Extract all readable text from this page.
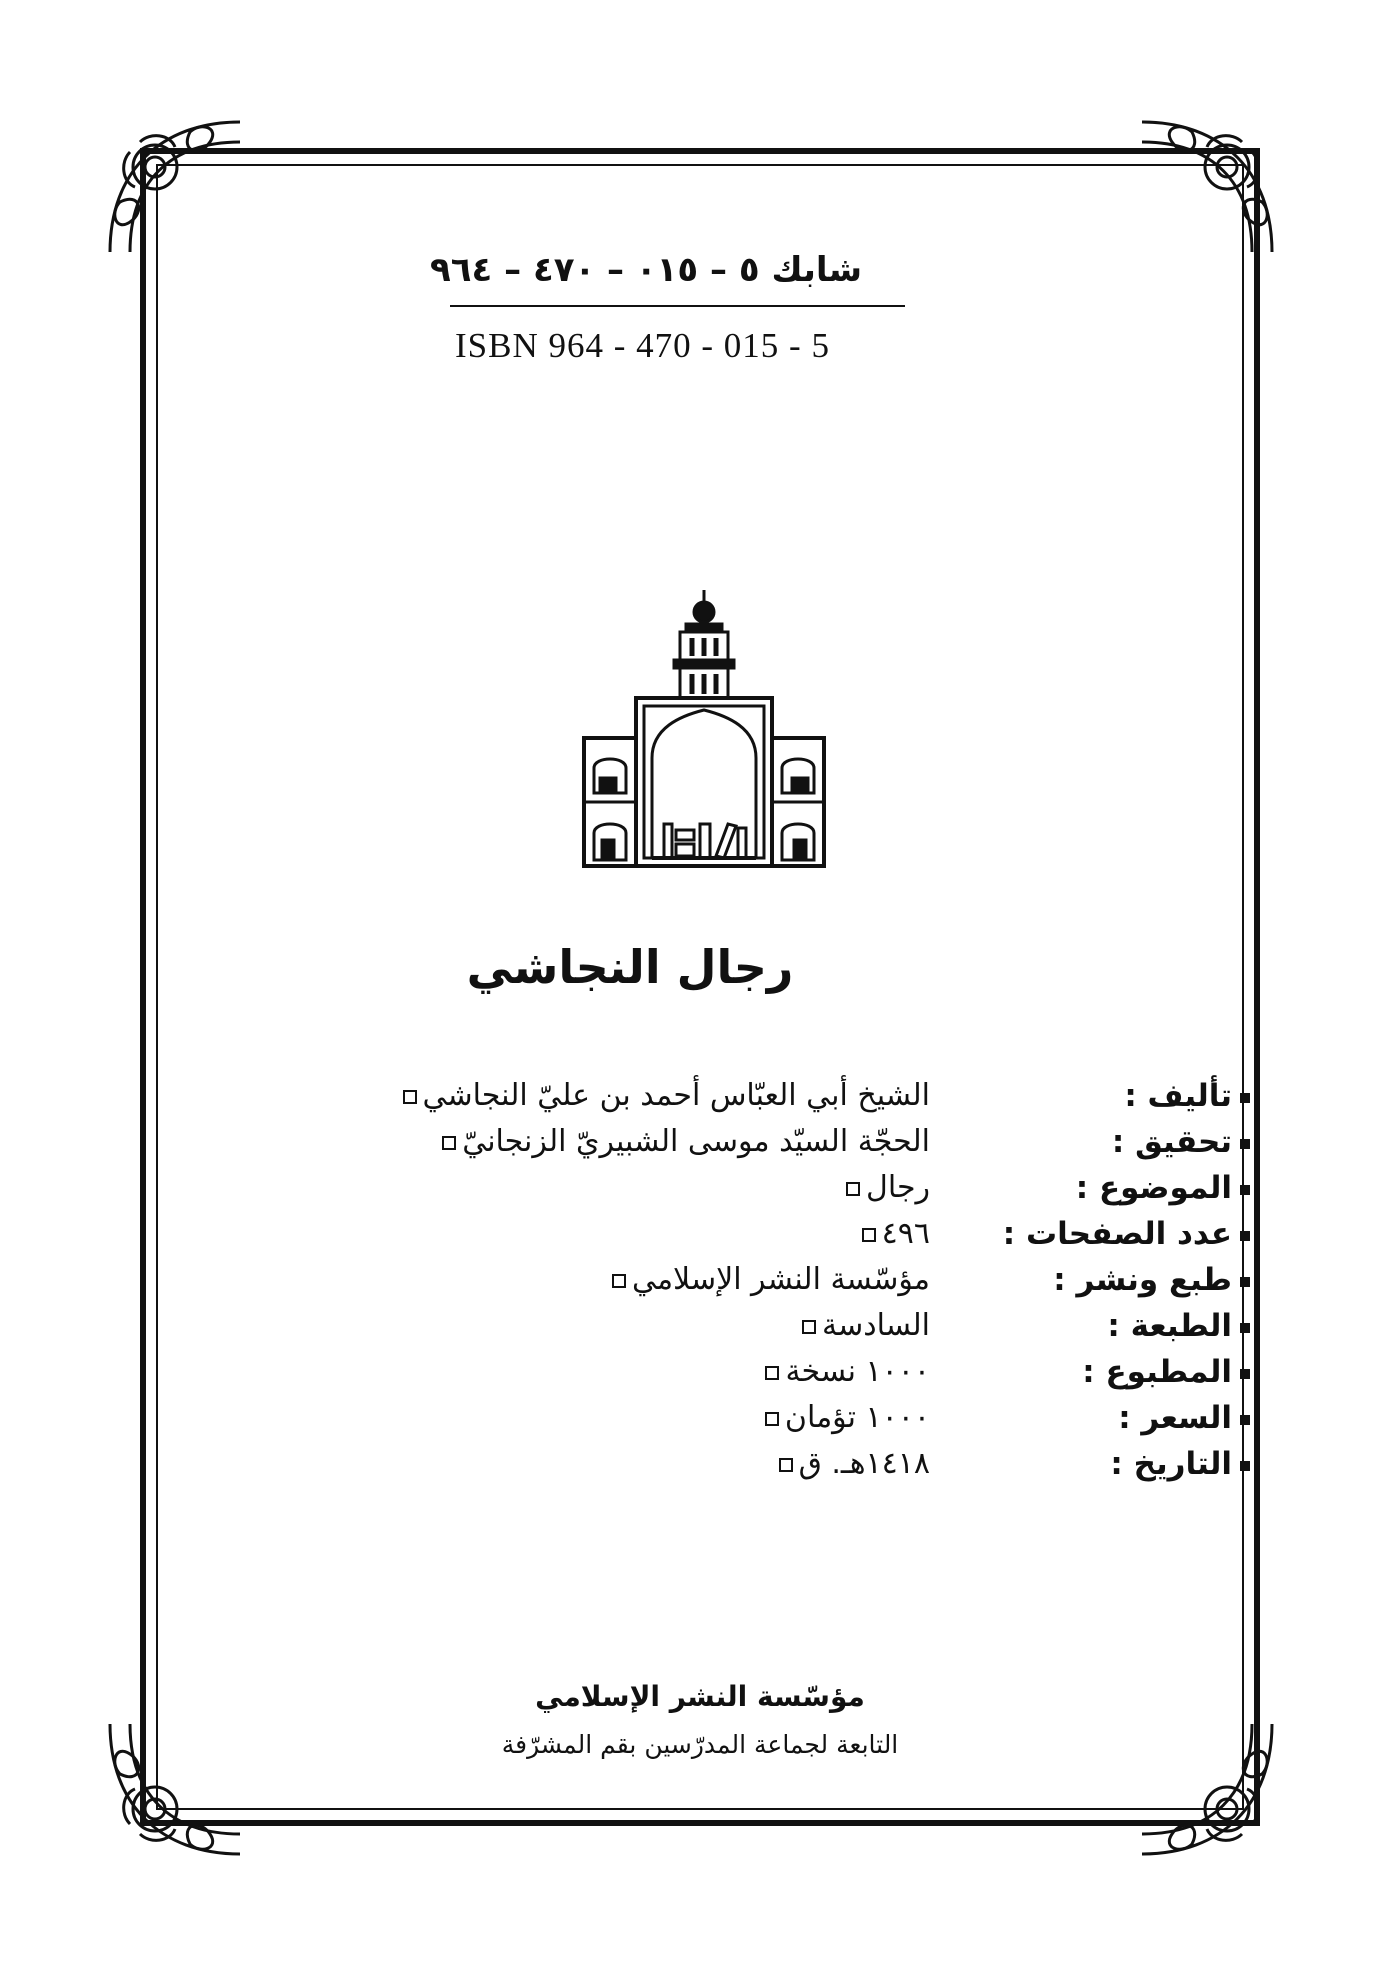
شابك ٥ – ٠١٥ – ٤٧٠ – ٩٦٤
ISBN 964 - 470 - 015 - 5
رجال النجاشي
تأليف :
الشيخ أبي العبّاس أحمد بن عليّ النجاشي
تحقيق :
الحجّة السيّد موسى الشبيريّ الزنجانيّ
الموضوع :
رجال
عدد الصفحات :
٤٩٦
طبع ونشر :
مؤسّسة النشر الإسلامي
الطبعة :
السادسة
المطبوع :
١٠٠٠ نسخة
السعر :
١٠٠٠ تؤمان
التاريخ :
١٤١٨هـ. ق
مؤسّسة النشر الإسلامي
التابعة لجماعة المدرّسين بقم المشرّفة
